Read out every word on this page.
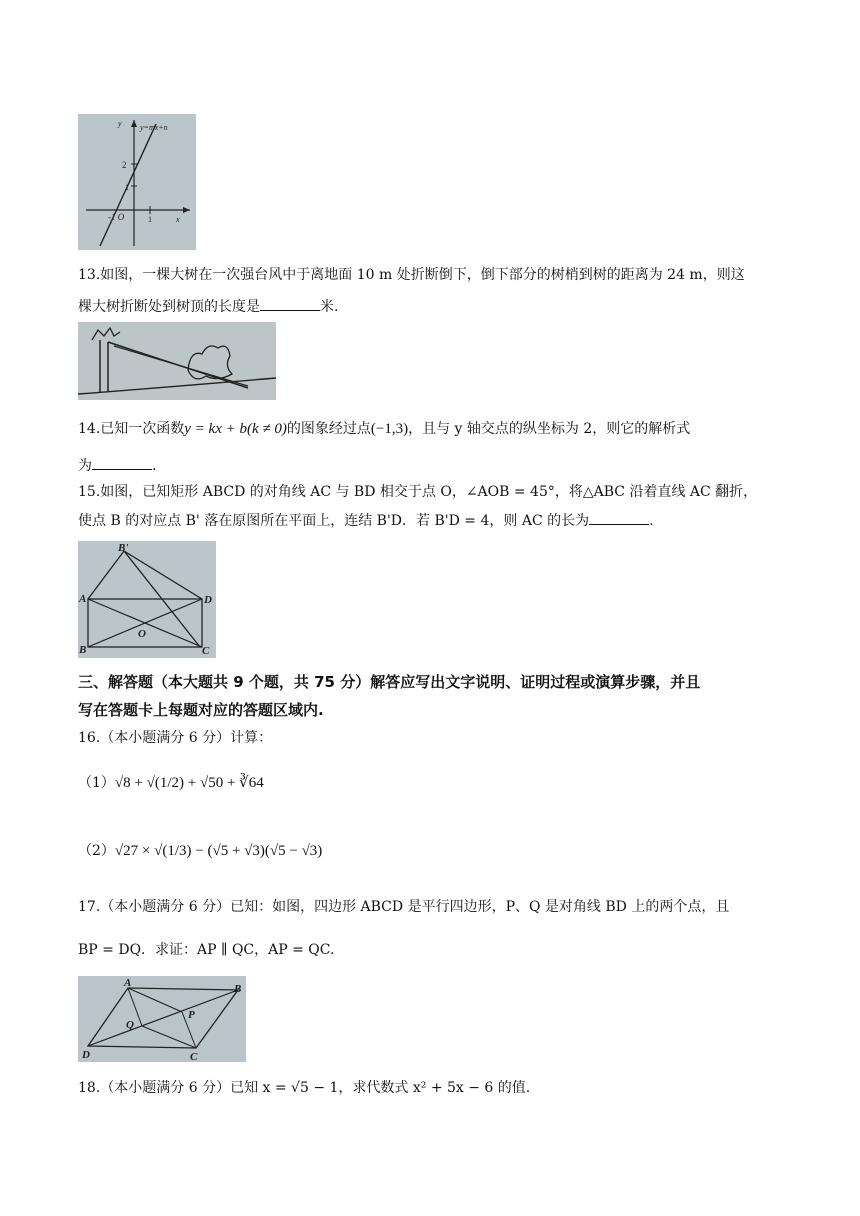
y=mx+n
y
x
2
1
-1 O	1
13.如图，一棵大树在一次强台风中于离地面 10 m 处折断倒下，倒下部分的树梢到树的距离为 24 m，则这
棵大树折断处到树顶的长度是	米.
14.已知一次函数y = kx + b(k ≠ 0)的图象经过点(−1,3)，且与 y 轴交点的纵坐标为 2，则它的解析式
为	.
15.如图，已知矩形 ABCD 的对角线 AC 与 BD 相交于点 O，∠AOB = 45°，将△ABC 沿着直线 AC 翻折，
使点 B 的对应点 B' 落在原图所在平面上，连结 B'D．若 B'D = 4，则 AC 的长为	.
B'
A	D
O
B	C
三、解答题（本大题共 9 个题，共 75 分）解答应写出文字说明、证明过程或演算步骤，并且
写在答题卡上每题对应的答题区域内.
16.（本小题满分 6 分）计算：
（1）√8 + √(1/2) + √50 + ∛64
（2）√27 × √(1/3) − (√5 + √3)(√5 − √3)
17.（本小题满分 6 分）已知：如图，四边形 ABCD 是平行四边形，P、Q 是对角线 BD 上的两个点，且
BP = DQ．求证：AP ∥ QC，AP = QC.
A	B
Q
P
D	C
18.（本小题满分 6 分）已知 x = √5 − 1，求代数式 x² + 5x − 6 的值.
